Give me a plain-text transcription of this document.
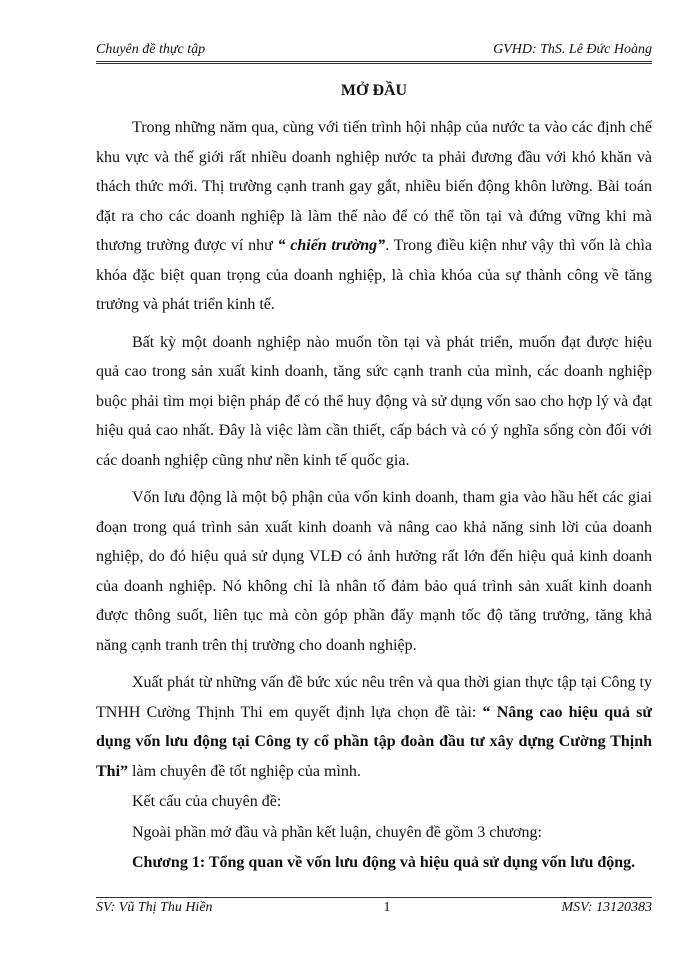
Chuyên đề thực tập	GVHD: ThS. Lê Đức Hoàng
MỞ ĐẦU

Trong những năm qua, cùng với tiến trình hội nhập của nước ta vào các định chế khu vực và thế giới rất nhiều doanh nghiệp nước ta phải đương đầu với khó khăn và thách thức mới. Thị trường cạnh tranh gay gắt, nhiều biến động khôn lường. Bài toán đặt ra cho các doanh nghiệp là làm thế nào để có thể tồn tại và đứng vững khi mà thương trường được ví như “ chiến trường”. Trong điều kiện như vậy thì vốn là chìa khóa đặc biệt quan trọng của doanh nghiệp, là chìa khóa của sự thành công về tăng trưởng và phát triển kinh tế.

Bất kỳ một doanh nghiệp nào muốn tồn tại và phát triển, muốn đạt được hiệu quả cao trong sản xuất kinh doanh, tăng sức cạnh tranh của mình, các doanh nghiệp buộc phải tìm mọi biện pháp để có thể huy động và sử dụng vốn sao cho hợp lý và đạt hiệu quả cao nhất. Đây là việc làm cần thiết, cấp bách và có ý nghĩa sống còn đối với các doanh nghiệp cũng như nền kinh tế quốc gia.

Vốn lưu động là một bộ phận của vốn kinh doanh, tham gia vào hầu hết các giai đoạn trong quá trình sản xuất kinh doanh và nâng cao khả năng sinh lời của doanh nghiệp, do đó hiệu quả sử dụng VLĐ có ảnh hưởng rất lớn đến hiệu quả kinh doanh của doanh nghiệp. Nó không chỉ là nhân tố đảm bảo quá trình sản xuất kinh doanh được thông suốt, liên tục mà còn góp phần đẩy mạnh tốc độ tăng trưởng, tăng khả năng cạnh tranh trên thị trường cho doanh nghiệp.

Xuất phát từ những vấn đề bức xúc nêu trên và qua thời gian thực tập tại Công ty TNHH Cường Thịnh Thi em quyết định lựa chọn đề tài: “ Nâng cao hiệu quả sử dụng vốn lưu động tại Công ty cổ phần tập đoàn đầu tư xây dựng Cường Thịnh Thi” làm chuyên đề tốt nghiệp của mình.

Kết cấu của chuyên đề:

Ngoài phần mở đầu và phần kết luận, chuyên đề gồm 3 chương:

Chương 1: Tổng quan về vốn lưu động và hiệu quả sử dụng vốn lưu động.

SV: Vũ Thị Thu Hiền	1	MSV: 13120383
